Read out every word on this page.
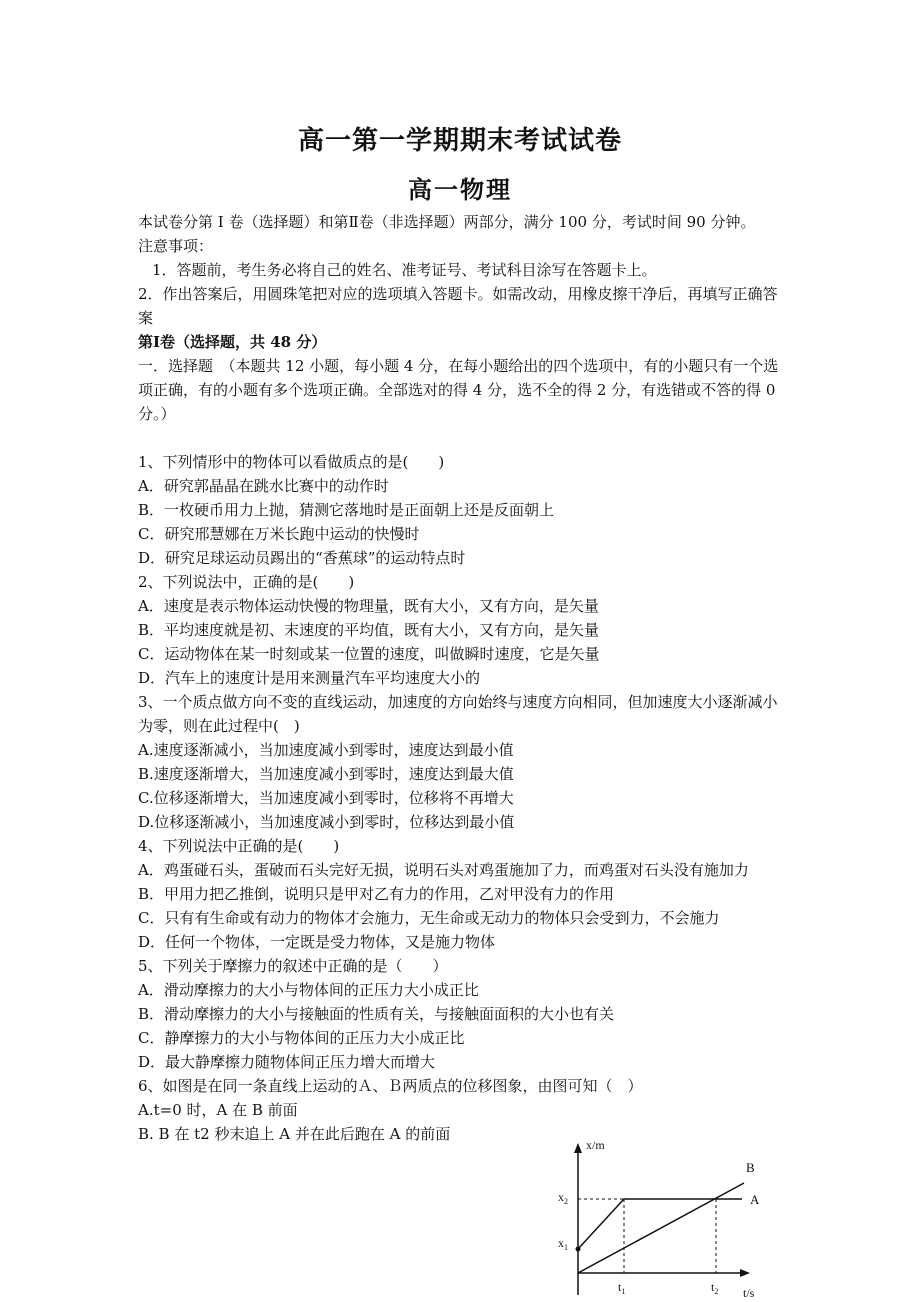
高一第一学期期末考试试卷
高一物理

本试卷分第 I 卷（选择题）和第Ⅱ卷（非选择题）两部分，满分 100 分，考试时间 90 分钟。

注意事项：

1．答题前，考生务必将自己的姓名、准考证号、考试科目涂写在答题卡上。

2．作出答案后，用圆珠笔把对应的选项填入答题卡。如需改动，用橡皮擦干净后，再填写正确答案

第Ⅰ卷（选择题，共 48 分）

一．选择题　（本题共 12 小题，每小题 4 分，在每小题给出的四个选项中，有的小题只有一个选项正确，有的小题有多个选项正确。全部选对的得 4 分，选不全的得 2 分，有选错或不答的得 0 分。）

1、下列情形中的物体可以看做质点的是(　　)

A．研究郭晶晶在跳水比赛中的动作时

B．一枚硬币用力上抛，猜测它落地时是正面朝上还是反面朝上

C．研究邢慧娜在万米长跑中运动的快慢时

D．研究足球运动员踢出的“香蕉球”的运动特点时

2、下列说法中，正确的是(　　)

A．速度是表示物体运动快慢的物理量，既有大小，又有方向，是矢量

B．平均速度就是初、末速度的平均值，既有大小，又有方向，是矢量

C．运动物体在某一时刻或某一位置的速度，叫做瞬时速度，它是矢量

D．汽车上的速度计是用来测量汽车平均速度大小的

3、一个质点做方向不变的直线运动，加速度的方向始终与速度方向相同，但加速度大小逐渐减小为零，则在此过程中(　)

A.速度逐渐减小，当加速度减小到零时，速度达到最小值

B.速度逐渐增大，当加速度减小到零时，速度达到最大值

C.位移逐渐增大，当加速度减小到零时，位移将不再增大

D.位移逐渐减小，当加速度减小到零时，位移达到最小值

4、下列说法中正确的是(　　)

A．鸡蛋碰石头，蛋破而石头完好无损，说明石头对鸡蛋施加了力，而鸡蛋对石头没有施加力

B．甲用力把乙推倒，说明只是甲对乙有力的作用，乙对甲没有力的作用

C．只有有生命或有动力的物体才会施力，无生命或无动力的物体只会受到力，不会施力

D．任何一个物体，一定既是受力物体，又是施力物体

5、下列关于摩擦力的叙述中正确的是（　　）

A．滑动摩擦力的大小与物体间的正压力大小成正比

B．滑动摩擦力的大小与接触面的性质有关，与接触面面积的大小也有关

C．静摩擦力的大小与物体间的正压力大小成正比

D．最大静摩擦力随物体间正压力增大而增大

6、如图是在同一条直线上运动的Ａ、Ｂ两质点的位移图象，由图可知（　）

A.t=0 时，A 在 B 前面

B. B 在 t2 秒末追上 A 并在此后跑在 A 的前面

x/m
t/s
$x_2$
$x_1$
$t_1$	$t_2$
A
B
